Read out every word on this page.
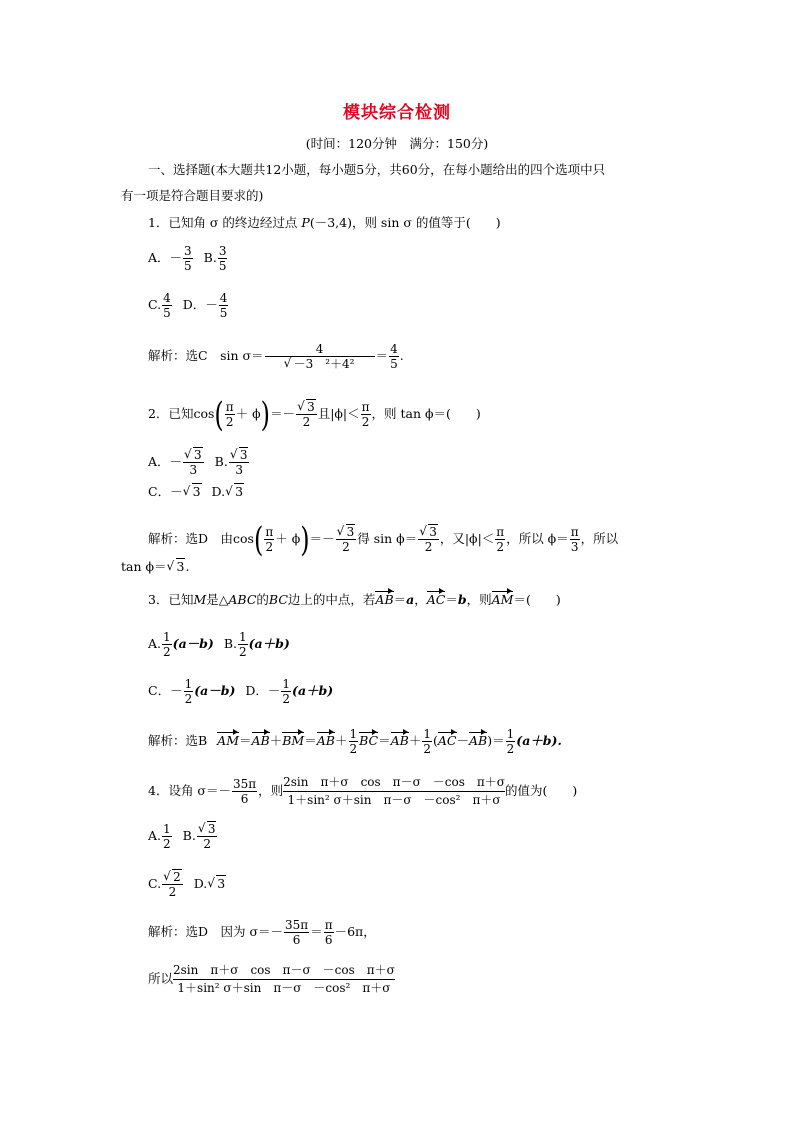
模块综合检测
(时间：120分钟　满分：150分)
一、选择题(本大题共12小题，每小题5分，共60分，在每小题给出的四个选项中只
有一项是符合题目要求的)
1．已知角 σ 的终边经过点 P(－3,4)，则 sin σ 的值等于(　　)
A．－ $\frac{3}{5} B$. $\frac{3}{5}$
C. $\frac{4}{5}$ D．－ $\frac{4}{5}$
解析：选C　sin σ＝ 4
√ －3　$^2+4^2 = \frac{4}{5}$ .
2．已知$\cos( \frac{\pi}{2} + \phi)=-$
√ $\frac{3}{2}$ 且$|\phi|< \frac{\pi}{2}$ ，则 tan ϕ＝(　　)
A．－
√ $\frac{3}{3} B$.
√ $\frac{3}{3}$
C．－√ 3 D.√ 3
解析：选D　由$\cos( \frac{\pi}{2} + \phi)=-$
√ $\frac{3}{2}$ 得 sin ϕ＝
√ $\frac{3}{2}$ ，又$|\phi|< \frac{\pi}{2}$ ，所以 $\phi= \frac{\pi}{3}$ ，所以
tan ϕ＝√ 3.
3．已知M是△ABC的BC边上的中点，若AB＝a，AC＝b，则AM＝(　　)
A. $\frac{1}{2} (a-b)$ B. $\frac{1}{2} (a+b)$
C．－ $\frac{1}{2} (a-b)$ D．－ $\frac{1}{2} (a+b)$
解析：选B $AM=AB+BM=AB+ \frac{1}{2} BC=AB+ \frac{1}{2} (AC-AB)= \frac{1}{2} (a+b)$.
4．设角 $\sigma=- \frac{35\pi}{6}$ ，则 $\frac{\text{2sin　π＋σ　cos　π－σ　－cos　π＋σ}}{\text{1＋sin² σ＋sin　π－σ　－cos²　π＋σ}}$ 的值为(　　)
A. $\frac{1}{2} B$.
√ $\frac{3}{2}$
C.
√ $\frac{2}{2} D.√$ 3
解析：选D　因为 $\sigma=- \frac{35\pi}{6} = \frac{\pi}{6} -6\pi$，
所以 $\frac{\text{2sin　π＋σ　cos　π－σ　－cos　π＋σ}}{\text{1＋sin² σ＋sin　π－σ　－cos²　π＋σ}}$
